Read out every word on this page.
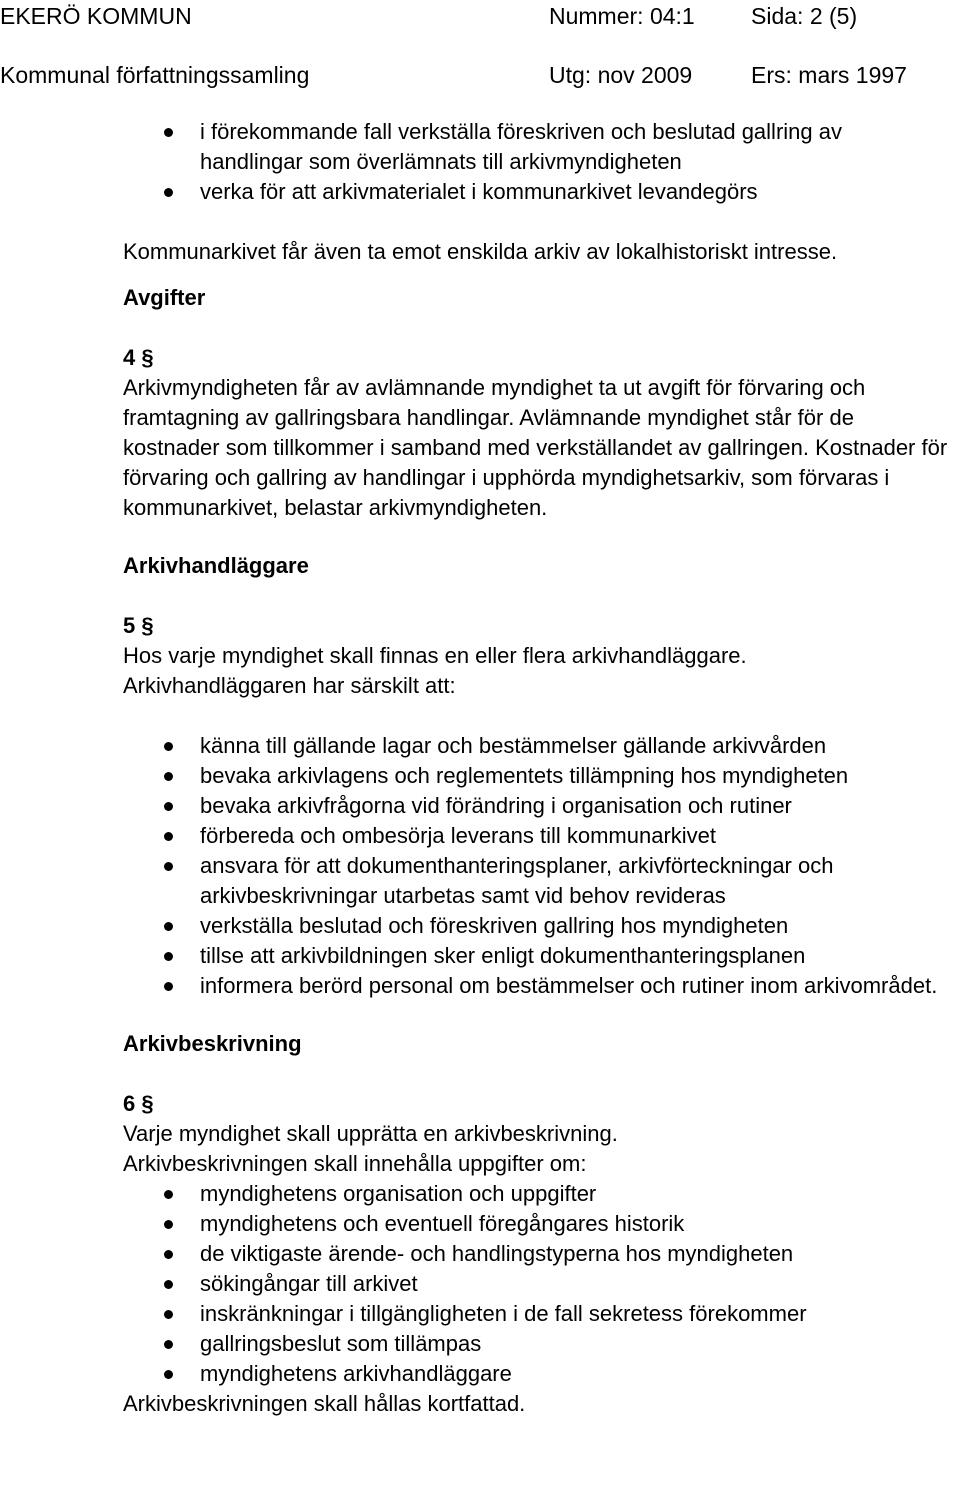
EKERÖ KOMMUN	Nummer: 04:1 Sida: 2 (5)
Kommunal författningssamling	Utg: nov 2009	Ers: mars 1997
i förekommande fall verkställa föreskriven och beslutad gallring av handlingar som överlämnats till arkivmyndigheten
verka för att arkivmaterialet i kommunarkivet levandegörs

Kommunarkivet får även ta emot enskilda arkiv av lokalhistoriskt intresse.

Avgifter

4 §

Arkivmyndigheten får av avlämnande myndighet ta ut avgift för förvaring och framtagning av gallringsbara handlingar. Avlämnande myndighet står för de kostnader som tillkommer i samband med verkställandet av gallringen. Kostnader för förvaring och gallring av handlingar i upphörda myndighetsarkiv, som förvaras i kommunarkivet, belastar arkivmyndigheten.

Arkivhandläggare

5 §

Hos varje myndighet skall finnas en eller flera arkivhandläggare.

Arkivhandläggaren har särskilt att:

känna till gällande lagar och bestämmelser gällande arkivvården
bevaka arkivlagens och reglementets tillämpning hos myndigheten
bevaka arkivfrågorna vid förändring i organisation och rutiner
förbereda och ombesörja leverans till kommunarkivet
ansvara för att dokumenthanteringsplaner, arkivförteckningar och arkivbeskrivningar utarbetas samt vid behov revideras
verkställa beslutad och föreskriven gallring hos myndigheten
tillse att arkivbildningen sker enligt dokumenthanteringsplanen
informera berörd personal om bestämmelser och rutiner inom arkivområdet.
Arkivbeskrivning

6 §

Varje myndighet skall upprätta en arkivbeskrivning.

Arkivbeskrivningen skall innehålla uppgifter om:

myndighetens organisation och uppgifter
myndighetens och eventuell föregångares historik
de viktigaste ärende- och handlingstyperna hos myndigheten
sökingångar till arkivet
inskränkningar i tillgängligheten i de fall sekretess förekommer
gallringsbeslut som tillämpas
myndighetens arkivhandläggare

Arkivbeskrivningen skall hållas kortfattad.
